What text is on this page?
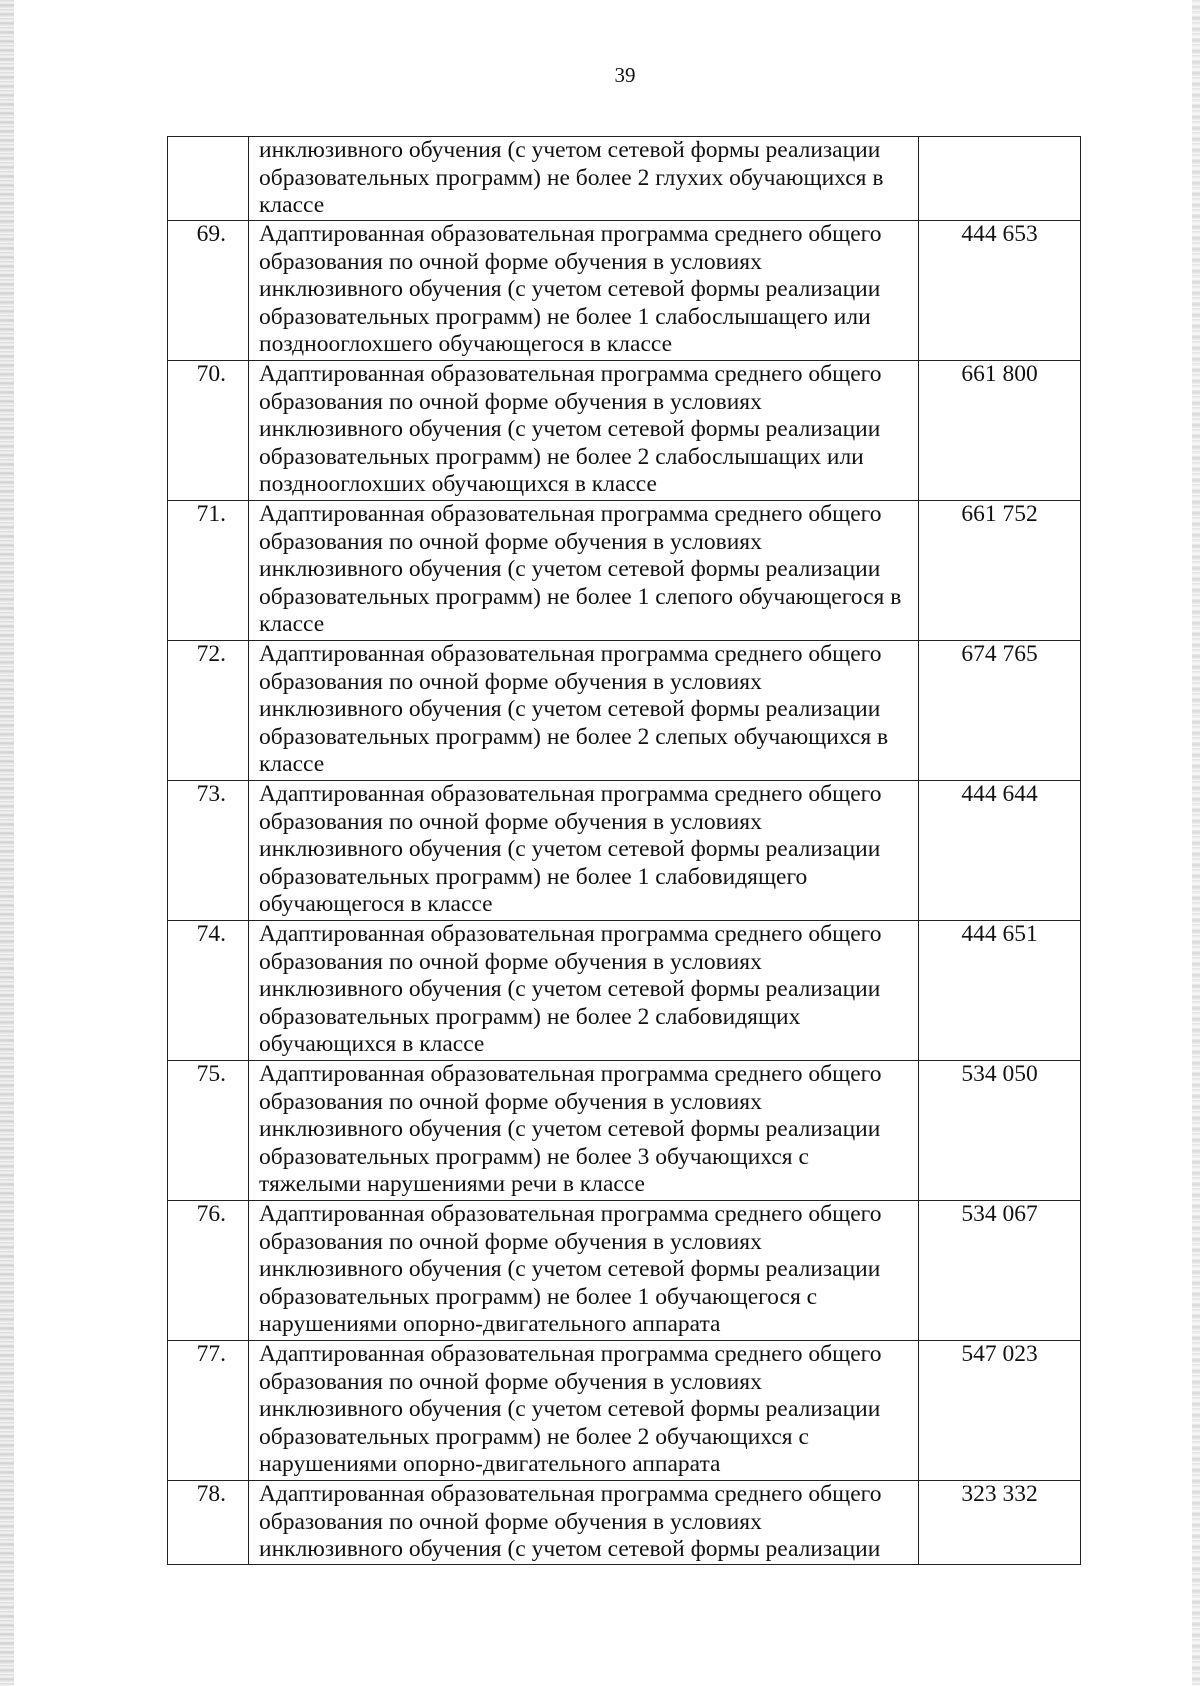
39
	инклюзивного обучения (с учетом сетевой формы реализации образовательных программ) не более 2 глухих обучающихся в классе	
69.	Адаптированная образовательная программа среднего общего образования по очной форме обучения в условиях инклюзивного обучения (с учетом сетевой формы реализации образовательных программ) не более 1 слабослышащего или позднооглохшего обучающегося в классе	444 653
70.	Адаптированная образовательная программа среднего общего образования по очной форме обучения в условиях инклюзивного обучения (с учетом сетевой формы реализации образовательных программ) не более 2 слабослышащих или позднооглохших обучающихся в классе	661 800
71.	Адаптированная образовательная программа среднего общего образования по очной форме обучения в условиях инклюзивного обучения (с учетом сетевой формы реализации образовательных программ) не более 1 слепого обучающегося в классе	661 752
72.	Адаптированная образовательная программа среднего общего образования по очной форме обучения в условиях инклюзивного обучения (с учетом сетевой формы реализации образовательных программ) не более 2 слепых обучающихся в классе	674 765
73.	Адаптированная образовательная программа среднего общего образования по очной форме обучения в условиях инклюзивного обучения (с учетом сетевой формы реализации образовательных программ) не более 1 слабовидящего обучающегося в классе	444 644
74.	Адаптированная образовательная программа среднего общего образования по очной форме обучения в условиях инклюзивного обучения (с учетом сетевой формы реализации образовательных программ) не более 2 слабовидящих обучающихся в классе	444 651
75.	Адаптированная образовательная программа среднего общего образования по очной форме обучения в условиях инклюзивного обучения (с учетом сетевой формы реализации образовательных программ) не более 3 обучающихся с тяжелыми нарушениями речи в классе	534 050
76.	Адаптированная образовательная программа среднего общего образования по очной форме обучения в условиях инклюзивного обучения (с учетом сетевой формы реализации образовательных программ) не более 1 обучающегося с нарушениями опорно-двигательного аппарата	534 067
77.	Адаптированная образовательная программа среднего общего образования по очной форме обучения в условиях инклюзивного обучения (с учетом сетевой формы реализации образовательных программ) не более 2 обучающихся с нарушениями опорно-двигательного аппарата	547 023
78.	Адаптированная образовательная программа среднего общего образования по очной форме обучения в условиях инклюзивного обучения (с учетом сетевой формы реализации	323 332
